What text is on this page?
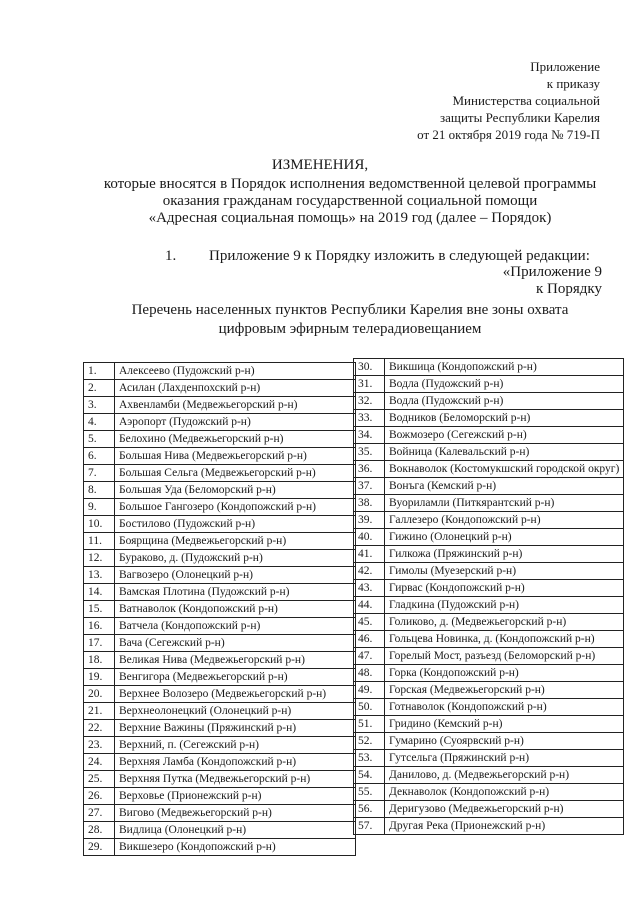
Приложение
к приказу
Министерства социальной
защиты Республики Карелия
от 21 октября 2019 года № 719-П
ИЗМЕНЕНИЯ,
которые вносятся в Порядок исполнения ведомственной целевой программы
оказания гражданам государственной социальной помощи
«Адресная социальная помощь» на 2019 год (далее – Порядок)
1. Приложение 9 к Порядку изложить в следующей редакции:
«Приложение 9
к Порядку
Перечень населенных пунктов Республики Карелия вне зоны охвата
цифровым эфирным телерадиовещанием
1.	Алексеево (Пудожский р-н)
2.	Асилан (Лахденпохский р-н)
3.	Ахвенламби (Медвежьегорский р-н)
4.	Аэропорт (Пудожский р-н)
5.	Белохино (Медвежьегорский р-н)
6.	Большая Нива (Медвежьегорский р-н)
7.	Большая Сельга (Медвежьегорский р-н)
8.	Большая Уда (Беломорский р-н)
9.	Большое Гангозеро (Кондопожский р-н)
10.	Бостилово (Пудожский р-н)
11.	Боярщина (Медвежьегорский р-н)
12.	Бураково, д. (Пудожский р-н)
13.	Вагвозеро (Олонецкий р-н)
14.	Вамская Плотина (Пудожский р-н)
15.	Ватнаволок (Кондопожский р-н)
16.	Ватчела (Кондопожский р-н)
17.	Вача (Сегежский р-н)
18.	Великая Нива (Медвежьегорский р-н)
19.	Венгигора (Медвежьегорский р-н)
20.	Верхнее Волозеро (Медвежьегорский р-н)
21.	Верхнеолонецкий (Олонецкий р-н)
22.	Верхние Важины (Пряжинский р-н)
23.	Верхний, п. (Сегежский р-н)
24.	Верхняя Ламба (Кондопожский р-н)
25.	Верхняя Путка (Медвежьегорский р-н)
26.	Верховье (Прионежский р-н)
27.	Вигово (Медвежьегорский р-н)
28.	Видлица (Олонецкий р-н)
29.	Викшезеро (Кондопожский р-н)
30.	Викшица (Кондопожский р-н)
31.	Водла (Пудожский р-н)
32.	Водла (Пудожский р-н)
33.	Водников (Беломорский р-н)
34.	Вожмозеро (Сегежский р-н)
35.	Войница (Калевальский р-н)
36.	Вокнаволок (Костомукшский городской округ)
37.	Вонъга (Кемский р-н)
38.	Вуориламли (Питкярантский р-н)
39.	Галлезеро (Кондопожский р-н)
40.	Гижино (Олонецкий р-н)
41.	Гилкожа (Пряжинский р-н)
42.	Гимолы (Муезерский р-н)
43.	Гирвас (Кондопожский р-н)
44.	Гладкина (Пудожский р-н)
45.	Голиково, д. (Медвежьегорский р-н)
46.	Гольцева Новинка, д. (Кондопожский р-н)
47.	Горелый Мост, разъезд (Беломорский р-н)
48.	Горка (Кондопожский р-н)
49.	Горская (Медвежьегорский р-н)
50.	Готнаволок (Кондопожский р-н)
51.	Гридино (Кемский р-н)
52.	Гумарино (Суоярвский р-н)
53.	Гутсельга (Пряжинский р-н)
54.	Данилово, д. (Медвежьегорский р-н)
55.	Декнаволок (Кондопожский р-н)
56.	Деригузово (Медвежьегорский р-н)
57.	Другая Река (Прионежский р-н)
